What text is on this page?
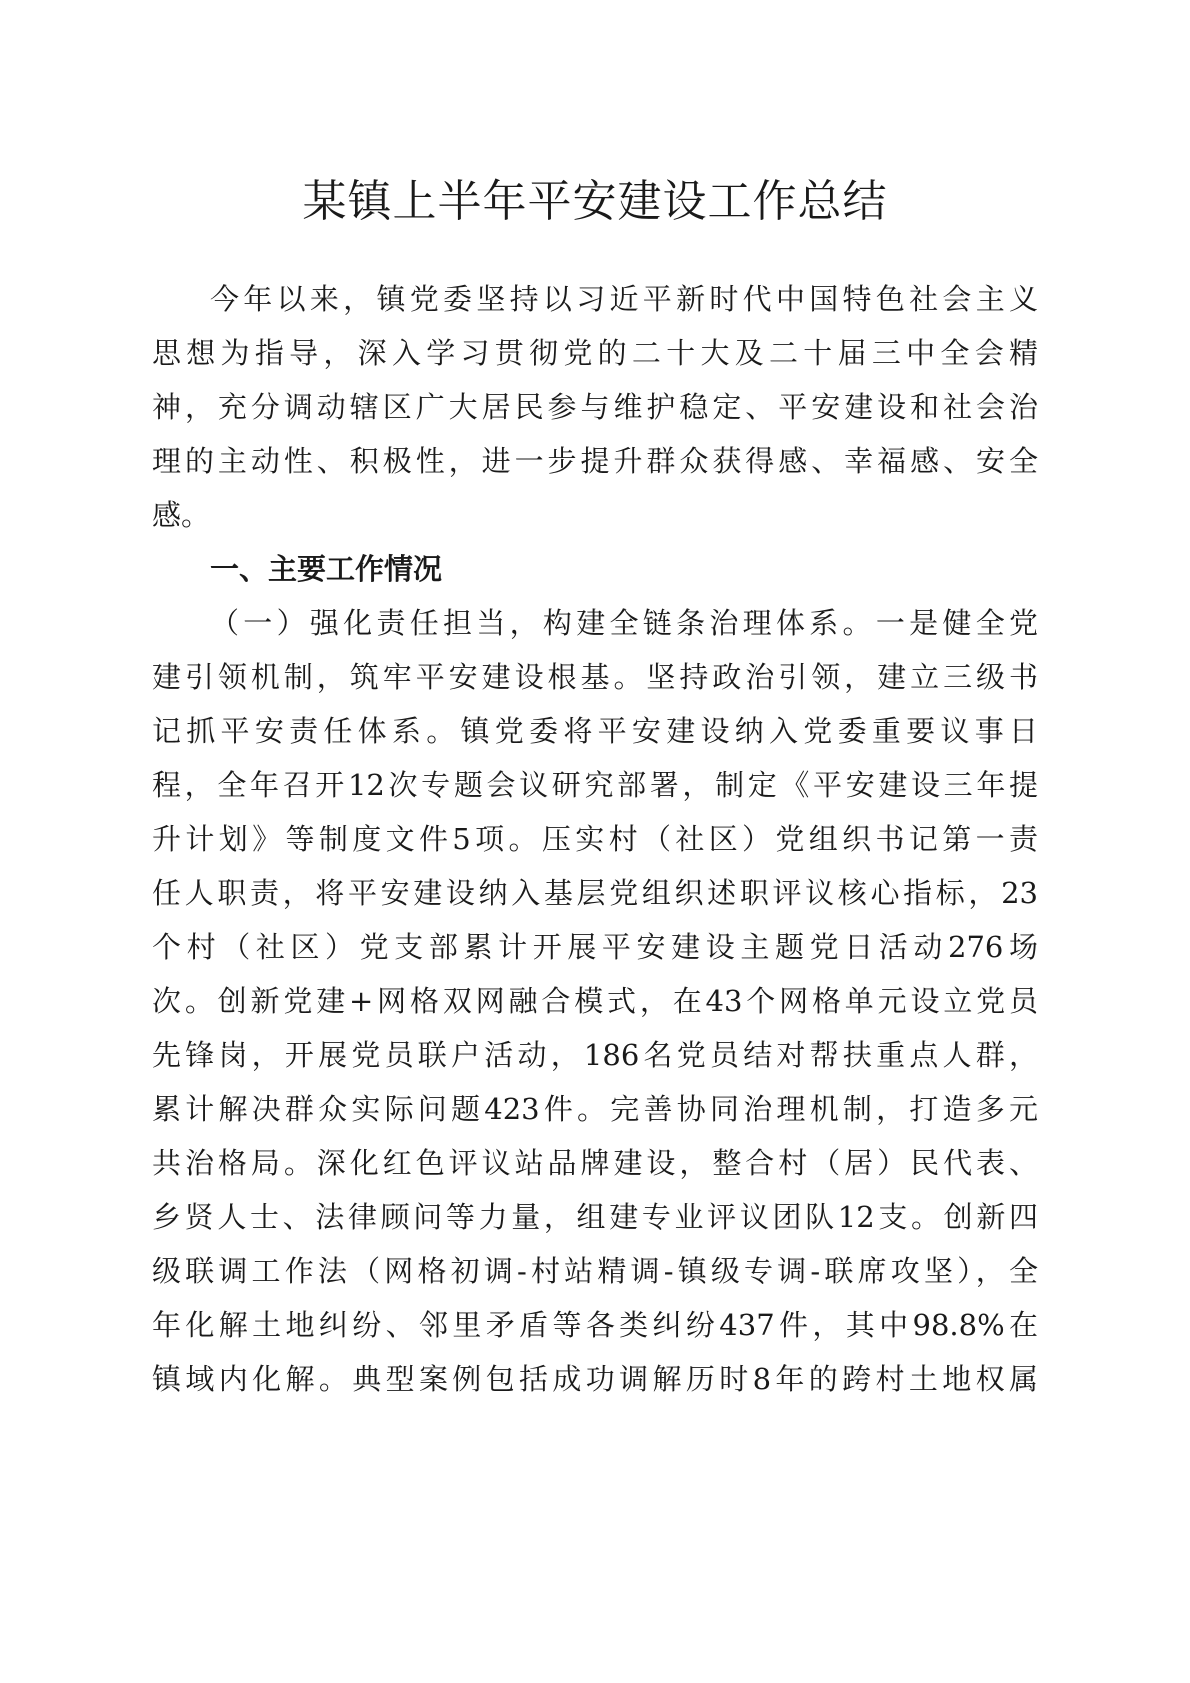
某镇上半年平安建设工作总结

今年以来，镇党委坚持以习近平新时代中国特色社会主义

思想为指导，深入学习贯彻党的二十大及二十届三中全会精

神，充分调动辖区广大居民参与维护稳定、平安建设和社会治

理的主动性、积极性，进一步提升群众获得感、幸福感、安全

感。

一、主要工作情况

（一）强化责任担当，构建全链条治理体系。一是健全党

建引领机制，筑牢平安建设根基。坚持政治引领，建立三级书

记抓平安责任体系。镇党委将平安建设纳入党委重要议事日

程，全年召开12次专题会议研究部署，制定《平安建设三年提

升计划》等制度文件5项。压实村（社区）党组织书记第一责

任人职责，将平安建设纳入基层党组织述职评议核心指标，23

个村（社区）党支部累计开展平安建设主题党日活动276场

次。创新党建+网格双网融合模式，在43个网格单元设立党员

先锋岗，开展党员联户活动，186名党员结对帮扶重点人群，

累计解决群众实际问题423件。完善协同治理机制，打造多元

共治格局。深化红色评议站品牌建设，整合村（居）民代表、

乡贤人士、法律顾问等力量，组建专业评议团队12支。创新四

级联调工作法（网格初调-村站精调-镇级专调-联席攻坚），全

年化解土地纠纷、邻里矛盾等各类纠纷437件，其中98.8%在

镇域内化解。典型案例包括成功调解历时8年的跨村土地权属
